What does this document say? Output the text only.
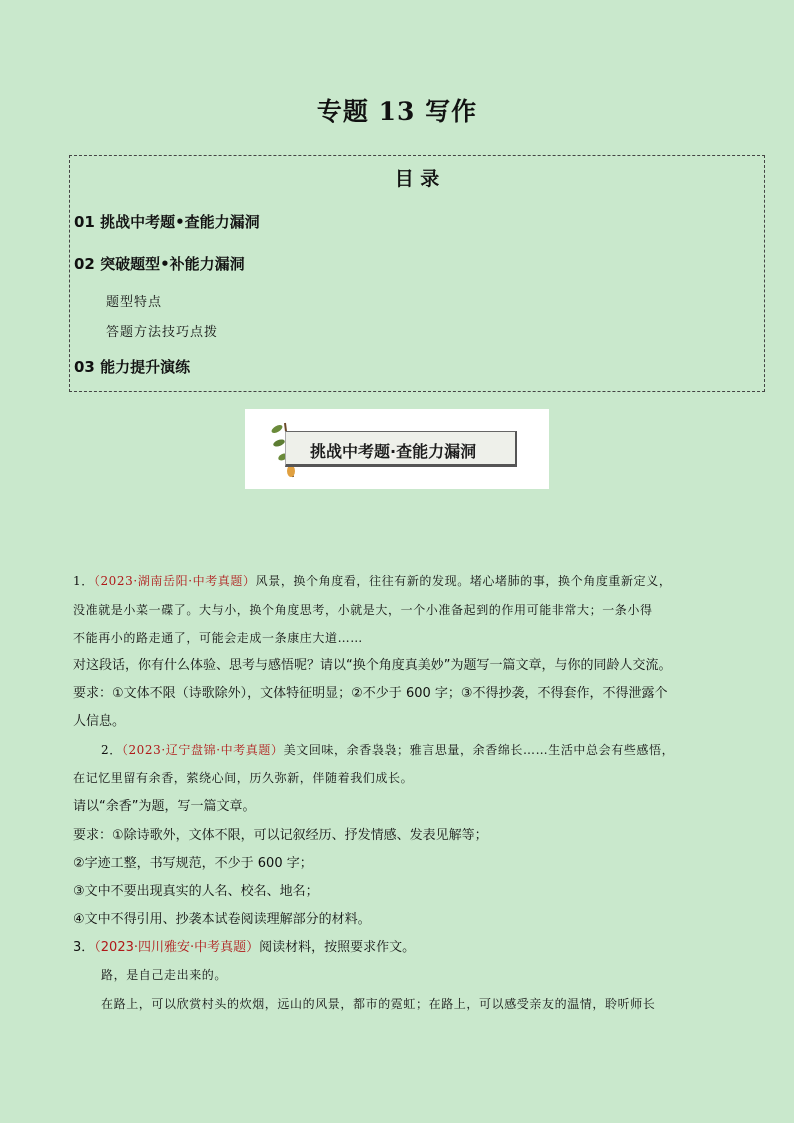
专题 13 写作
目 录
01 挑战中考题•查能力漏洞
02 突破题型•补能力漏洞
题型特点
答题方法技巧点拨
03 能力提升演练
挑战中考题·查能力漏洞
1．（2023·湖南岳阳·中考真题）风景，换个角度看，往往有新的发现。堵心堵肺的事，换个角度重新定义，
没准就是小菜一碟了。大与小，换个角度思考，小就是大，一个小准备起到的作用可能非常大；一条小得
不能再小的路走通了，可能会走成一条康庄大道……
对这段话，你有什么体验、思考与感悟呢？请以“换个角度真美妙”为题写一篇文章，与你的同龄人交流。
要求：①文体不限（诗歌除外），文体特征明显；②不少于 600 字；③不得抄袭，不得套作，不得泄露个
人信息。
2．（2023·辽宁盘锦·中考真题）美文回味，余香袅袅；雅言思量，余香绵长……生活中总会有些感悟，
在记忆里留有余香，萦绕心间，历久弥新，伴随着我们成长。
请以“余香”为题，写一篇文章。
要求：①除诗歌外，文体不限，可以记叙经历、抒发情感、发表见解等；
②字迹工整，书写规范，不少于 600 字；
③文中不要出现真实的人名、校名、地名；
④文中不得引用、抄袭本试卷阅读理解部分的材料。
3．（2023·四川雅安·中考真题）阅读材料，按照要求作文。
路，是自己走出来的。
在路上，可以欣赏村头的炊烟，远山的风景，都市的霓虹；在路上，可以感受亲友的温情，聆听师长
